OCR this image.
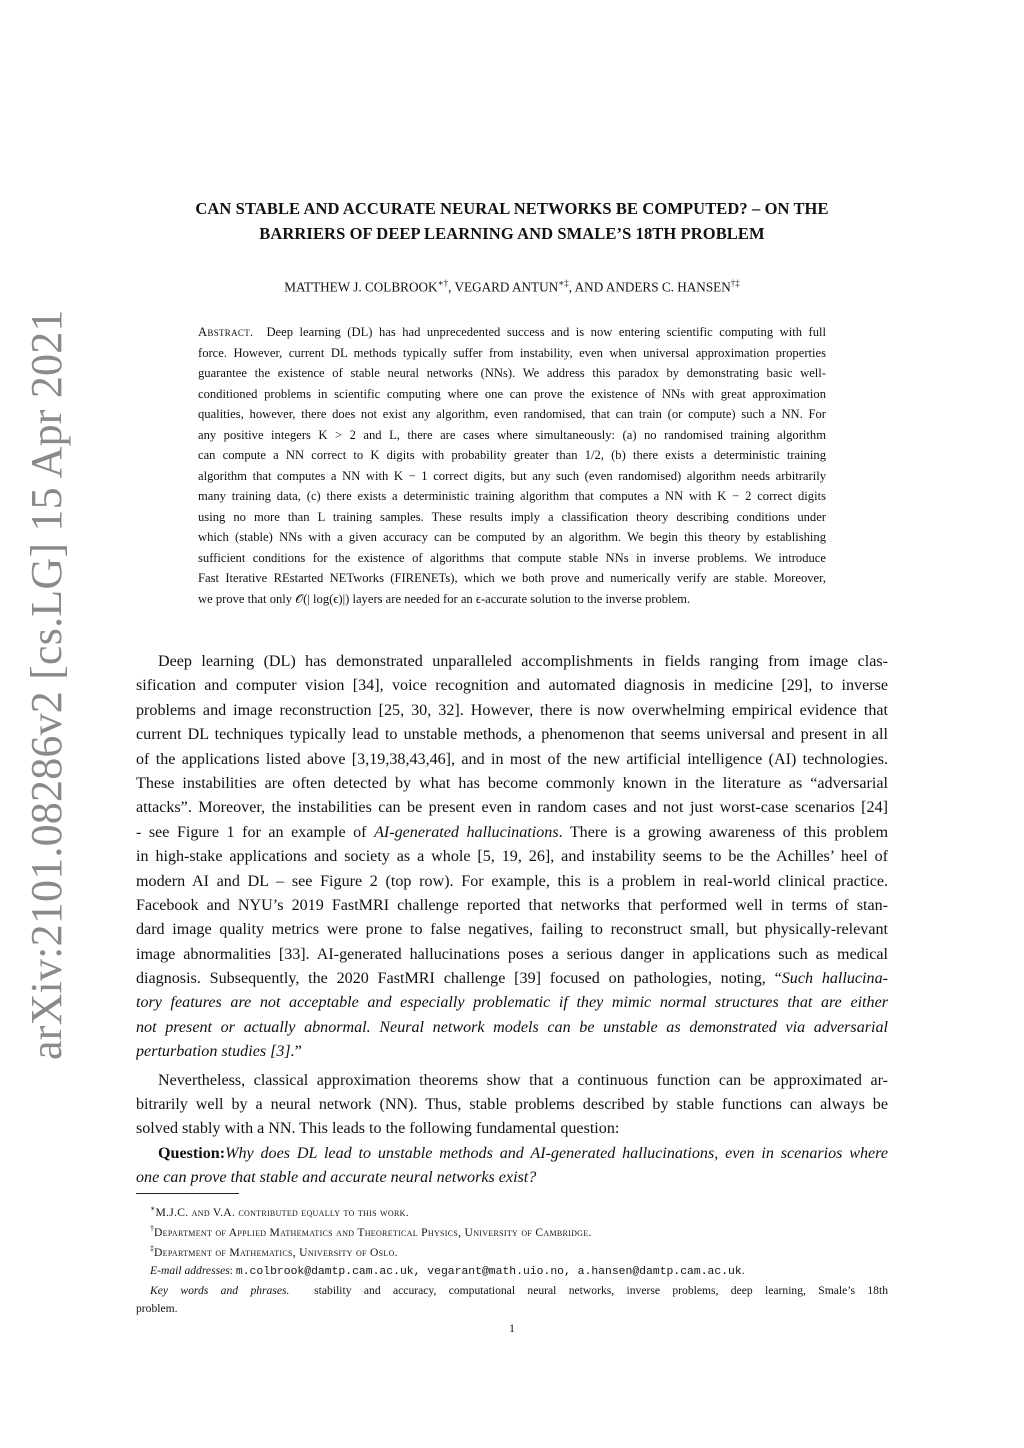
arXiv:2101.08286v2 [cs.LG] 15 Apr 2021
CAN STABLE AND ACCURATE NEURAL NETWORKS BE COMPUTED? – ON THE
BARRIERS OF DEEP LEARNING AND SMALE’S 18TH PROBLEM
MATTHEW J. COLBROOK∗†, VEGARD ANTUN∗‡, AND ANDERS C. HANSEN†‡
Abstract. Deep learning (DL) has had unprecedented success and is now entering scientific computing with full
force. However, current DL methods typically suffer from instability, even when universal approximation properties
guarantee the existence of stable neural networks (NNs). We address this paradox by demonstrating basic well-
conditioned problems in scientific computing where one can prove the existence of NNs with great approximation
qualities, however, there does not exist any algorithm, even randomised, that can train (or compute) such a NN. For
any positive integers K > 2 and L, there are cases where simultaneously: (a) no randomised training algorithm
can compute a NN correct to K digits with probability greater than 1/2, (b) there exists a deterministic training
algorithm that computes a NN with K − 1 correct digits, but any such (even randomised) algorithm needs arbitrarily
many training data, (c) there exists a deterministic training algorithm that computes a NN with K − 2 correct digits
using no more than L training samples. These results imply a classification theory describing conditions under
which (stable) NNs with a given accuracy can be computed by an algorithm. We begin this theory by establishing
sufficient conditions for the existence of algorithms that compute stable NNs in inverse problems. We introduce
Fast Iterative REstarted NETworks (FIRENETs), which we both prove and numerically verify are stable. Moreover,
we prove that only 𝒪(| log(ϵ)|) layers are needed for an ϵ-accurate solution to the inverse problem.
Deep learning (DL) has demonstrated unparalleled accomplishments in fields ranging from image clas-
sification and computer vision [34], voice recognition and automated diagnosis in medicine [29], to inverse
problems and image reconstruction [25, 30, 32]. However, there is now overwhelming empirical evidence that
current DL techniques typically lead to unstable methods, a phenomenon that seems universal and present in all
of the applications listed above [3,19,38,43,46], and in most of the new artificial intelligence (AI) technologies.
These instabilities are often detected by what has become commonly known in the literature as “adversarial
attacks”. Moreover, the instabilities can be present even in random cases and not just worst-case scenarios [24]
- see Figure 1 for an example of AI-generated hallucinations. There is a growing awareness of this problem
in high-stake applications and society as a whole [5, 19, 26], and instability seems to be the Achilles’ heel of
modern AI and DL – see Figure 2 (top row). For example, this is a problem in real-world clinical practice.
Facebook and NYU’s 2019 FastMRI challenge reported that networks that performed well in terms of stan-
dard image quality metrics were prone to false negatives, failing to reconstruct small, but physically-relevant
image abnormalities [33]. AI-generated hallucinations poses a serious danger in applications such as medical
diagnosis. Subsequently, the 2020 FastMRI challenge [39] focused on pathologies, noting, “Such hallucina-
tory features are not acceptable and especially problematic if they mimic normal structures that are either
not present or actually abnormal. Neural network models can be unstable as demonstrated via adversarial
perturbation studies [3].”
Nevertheless, classical approximation theorems show that a continuous function can be approximated ar-
bitrarily well by a neural network (NN). Thus, stable problems described by stable functions can always be
solved stably with a NN. This leads to the following fundamental question:
Question:Why does DL lead to unstable methods and AI-generated hallucinations, even in scenarios where
one can prove that stable and accurate neural networks exist?
∗M.J.C. and V.A. contributed equally to this work.
†Department of Applied Mathematics and Theoretical Physics, University of Cambridge.
‡Department of Mathematics, University of Oslo.
E-mail addresses: m.colbrook@damtp.cam.ac.uk, vegarant@math.uio.no, a.hansen@damtp.cam.ac.uk.
Key words and phrases. stability and accuracy, computational neural networks, inverse problems, deep learning, Smale’s 18th
problem.
1
